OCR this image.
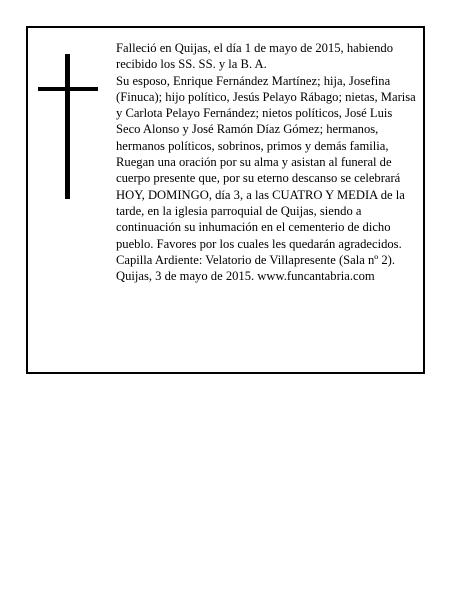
Falleció en Quijas, el día 1 de mayo de 2015, habiendo recibido los SS. SS. y la B. A.
Su esposo, Enrique Fernández Martínez; hija, Josefina (Finuca); hijo político, Jesús Pelayo Rábago; nietas, Marisa y Carlota Pelayo Fernández; nietos políticos, José Luis Seco Alonso y José Ramón Díaz Gómez; hermanos, hermanos políticos, sobrinos, primos y demás familia,
Ruegan una oración por su alma y asistan al funeral de cuerpo presente que, por su eterno descanso se celebrará HOY, DOMINGO, día 3, a las CUATRO Y MEDIA de la tarde, en la iglesia parroquial de Quijas, siendo a continuación su inhumación en el cementerio de dicho pueblo. Favores por los cuales les quedarán agradecidos. Capilla Ardiente: Velatorio de Villapresente (Sala nº 2).
Quijas, 3 de mayo de 2015. www.funcantabria.com
